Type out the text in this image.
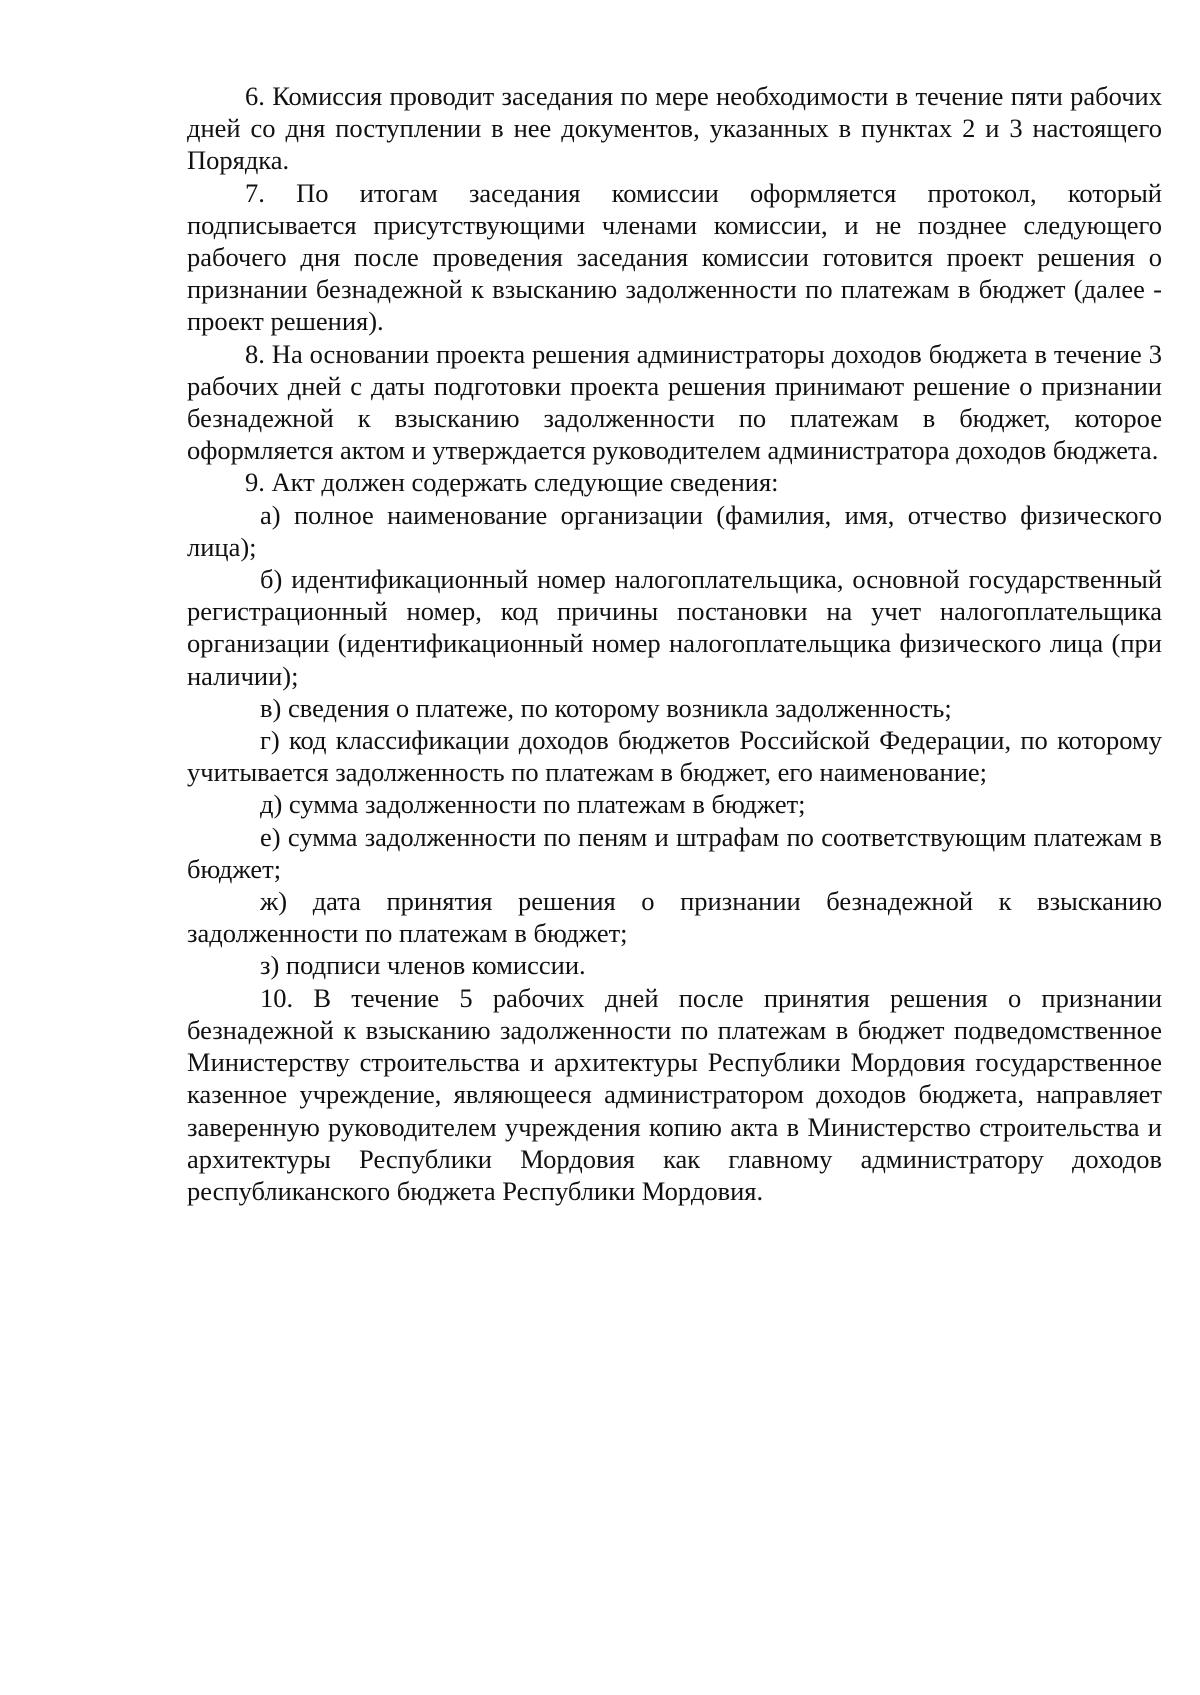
6. Комиссия проводит заседания по мере необходимости в течение пяти рабочих дней со дня поступлении в нее документов, указанных в пунктах 2 и 3 настоящего Порядка.

7. По итогам заседания комиссии оформляется протокол, который подписывается присутствующими членами комиссии, и не позднее следующего рабочего дня после проведения заседания комиссии готовится проект решения о признании безнадежной к взысканию задолженности по платежам в бюджет (далее - проект решения).

8. На основании проекта решения администраторы доходов бюджета в течение 3 рабочих дней с даты подготовки проекта решения принимают решение о признании безнадежной к взысканию задолженности по платежам в бюджет, которое оформляется актом и утверждается руководителем администратора доходов бюджета.

9. Акт должен содержать следующие сведения:

а) полное наименование организации (фамилия, имя, отчество физического лица);

б) идентификационный номер налогоплательщика, основной государственный регистрационный номер, код причины постановки на учет налогоплательщика организации (идентификационный номер налогоплательщика физического лица (при наличии);

в) сведения о платеже, по которому возникла задолженность;

г) код классификации доходов бюджетов Российской Федерации, по которому учитывается задолженность по платежам в бюджет, его наименование;

д) сумма задолженности по платежам в бюджет;

е) сумма задолженности по пеням и штрафам по соответствующим платежам в бюджет;

ж) дата принятия решения о признании безнадежной к взысканию задолженности по платежам в бюджет;

з) подписи членов комиссии.

10. В течение 5 рабочих дней после принятия решения о признании безнадежной к взысканию задолженности по платежам в бюджет подведомственное Министерству строительства и архитектуры Республики Мордовия государственное казенное учреждение, являющееся администратором доходов бюджета, направляет заверенную руководителем учреждения копию акта в Министерство строительства и архитектуры Республики Мордовия как главному администратору доходов республиканского бюджета Республики Мордовия.
